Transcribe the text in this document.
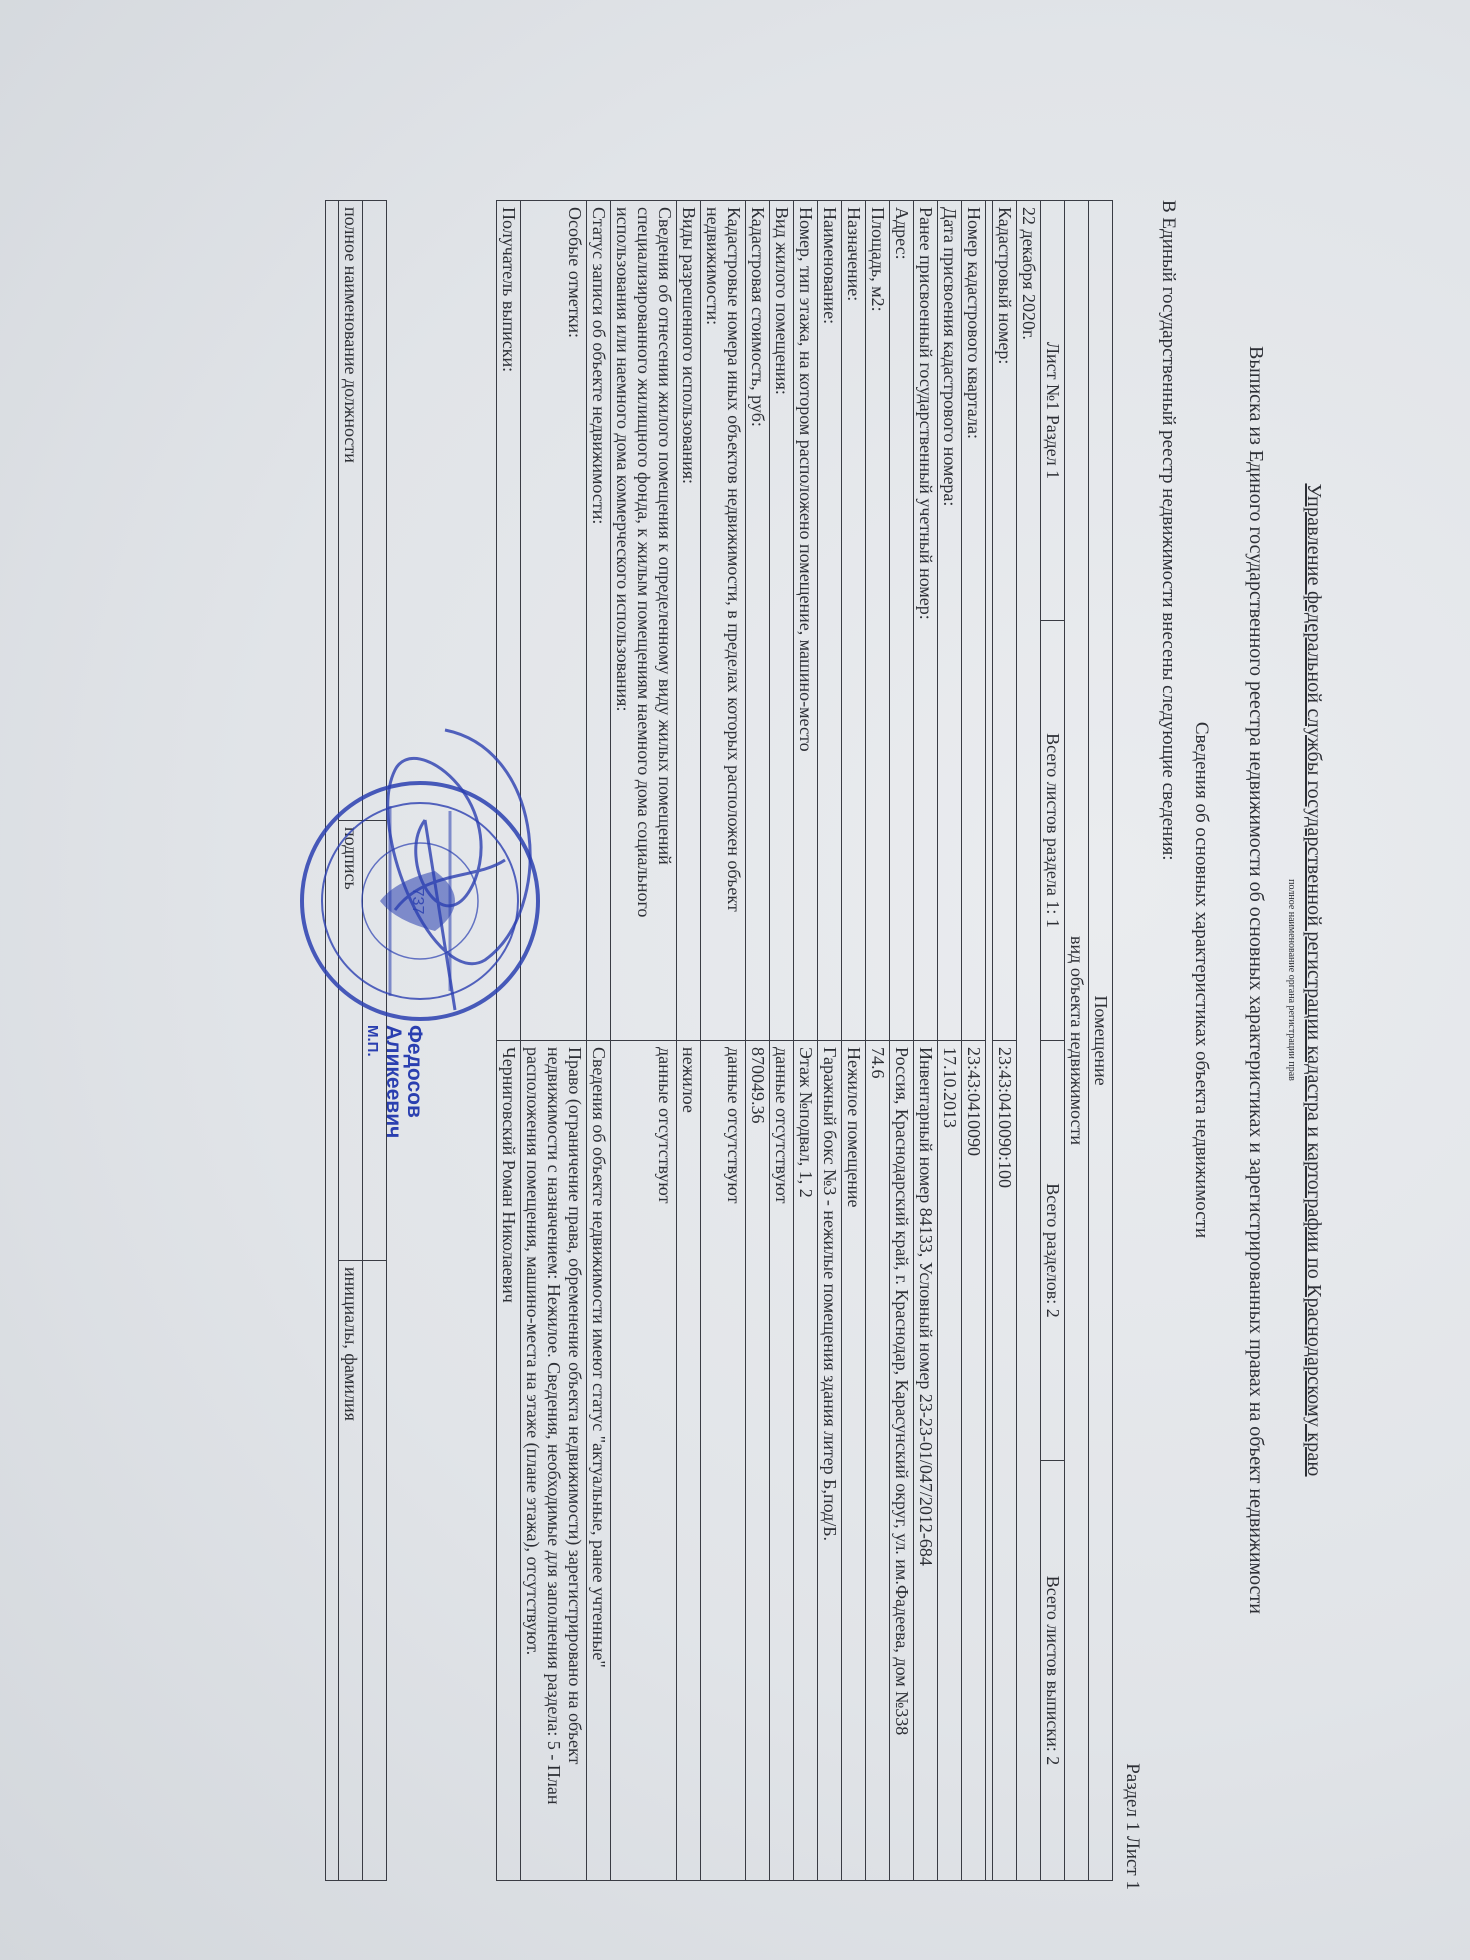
Управление федеральной службы государственной регистрации кадастра и картографии по Краснодарскому краю
полное наименование органа регистрации прав
Выписка из Единого государственного реестра недвижимости об основных характеристиках и зарегистрированных правах на объект недвижимости
Сведения об основных характеристиках объекта недвижимости
В Единый государственный реестр недвижимости внесены следующие сведения:
Раздел 1 Лист 1
Помещение			
вид объекта недвижимости			
Лист №1 Раздел 1	Всего листов раздела 1: 1	Всего разделов: 2	Всего листов выписки: 2
22 декабря 2020г.			
Кадастровый номер:		23:43:0410090:100	

Номер кадастрового квартала:		23:43:0410090	
Дата присвоения кадастрового номера:		17.10.2013	
Ранее присвоенный государственный учетный номер:		Инвентарный номер 84133, Условный номер 23-23-01/047/2012-684	
Адрес:		Россия, Краснодарский край, г. Краснодар, Карасунский округ, ул. им.Фадеева, дом №338	
Площадь, м2:		74.6	
Назначение:		Нежилое помещение	
Наименование:		Гаражный бокс №3 - нежилые помещения здания литер Б,под/Б.	
Номер, тип этажа, на котором расположено помещение, машино-место		Этаж №подвал, 1, 2	
Вид жилого помещения:		данные отсутствуют	
Кадастровая стоимость, руб:		870049.36	
Кадастровые номера иных объектов недвижимости, в пределах которых расположен объект недвижимости:		данные отсутствуют	
Виды разрешенного использования:		нежилое	
Сведения об отнесении жилого помещения к определенному виду жилых помещений специализированного жилищного фонда, к жилым помещениям наемного дома социального использования или наемного дома коммерческого использования:		данные отсутствуют	
Статус записи об объекте недвижимости:		Сведения об объекте недвижимости имеют статус "актуальные, ранее учтенные"	
Особые отметки:		Право (ограничение права, обременение объекта недвижимости) зарегистрировано на объект недвижимости с назначением: Нежилое. Сведения, необходимые для заполнения раздела: 5 - План расположения помещения, машино-места на этаже (плане этажа), отсутствуют.	
Получатель выписки:		Черниговский Роман Николаевич	

полное наименование должности	подпись	инициалы, фамилия

737
Федосов
Аликеевич
М.П.
